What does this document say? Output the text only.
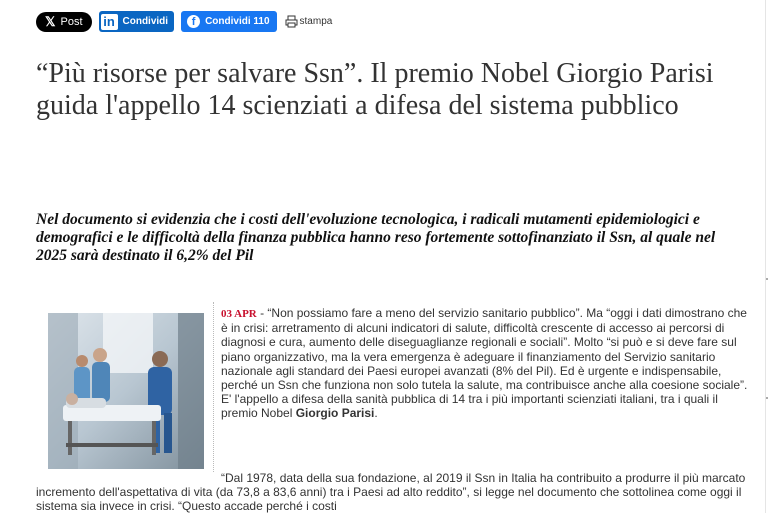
𝕏 Post in Condividi	f Condividi 110	stampa
“Più risorse per salvare Ssn”. Il premio Nobel Giorgio Parisi guida l'appello 14 scienziati a difesa del sistema pubblico
Nel documento si evidenzia che i costi dell'evoluzione tecnologica, i radicali mutamenti epidemiologici e demografici e le difficoltà della finanza pubblica hanno reso fortemente sottofinanziato il Ssn, al quale nel 2025 sarà destinato il 6,2% del Pil

03 APR - “Non possiamo fare a meno del servizio sanitario pubblico”. Ma “oggi i dati dimostrano che è in crisi: arretramento di alcuni indicatori di salute, difficoltà crescente di accesso ai percorsi di diagnosi e cura, aumento delle diseguaglianze regionali e sociali”. Molto “si può e si deve fare sul piano organizzativo, ma la vera emergenza è adeguare il finanziamento del Servizio sanitario nazionale agli standard dei Paesi europei avanzati (8% del Pil). Ed è urgente e indispensabile, perché un Ssn che funziona non solo tutela la salute, ma contribuisce anche alla coesione sociale”. E' l'appello a difesa della sanità pubblica di 14 tra i più importanti scienziati italiani, tra i quali il premio Nobel Giorgio Parisi.

“Dal 1978, data della sua fondazione, al 2019 il Ssn in Italia ha contribuito a produrre il più marcato incremento dell'aspettativa di vita (da 73,8 a 83,6 anni) tra i Paesi ad alto reddito”, si legge nel documento che sottolinea come oggi il sistema sia invece in crisi. “Questo accade perché i costi
